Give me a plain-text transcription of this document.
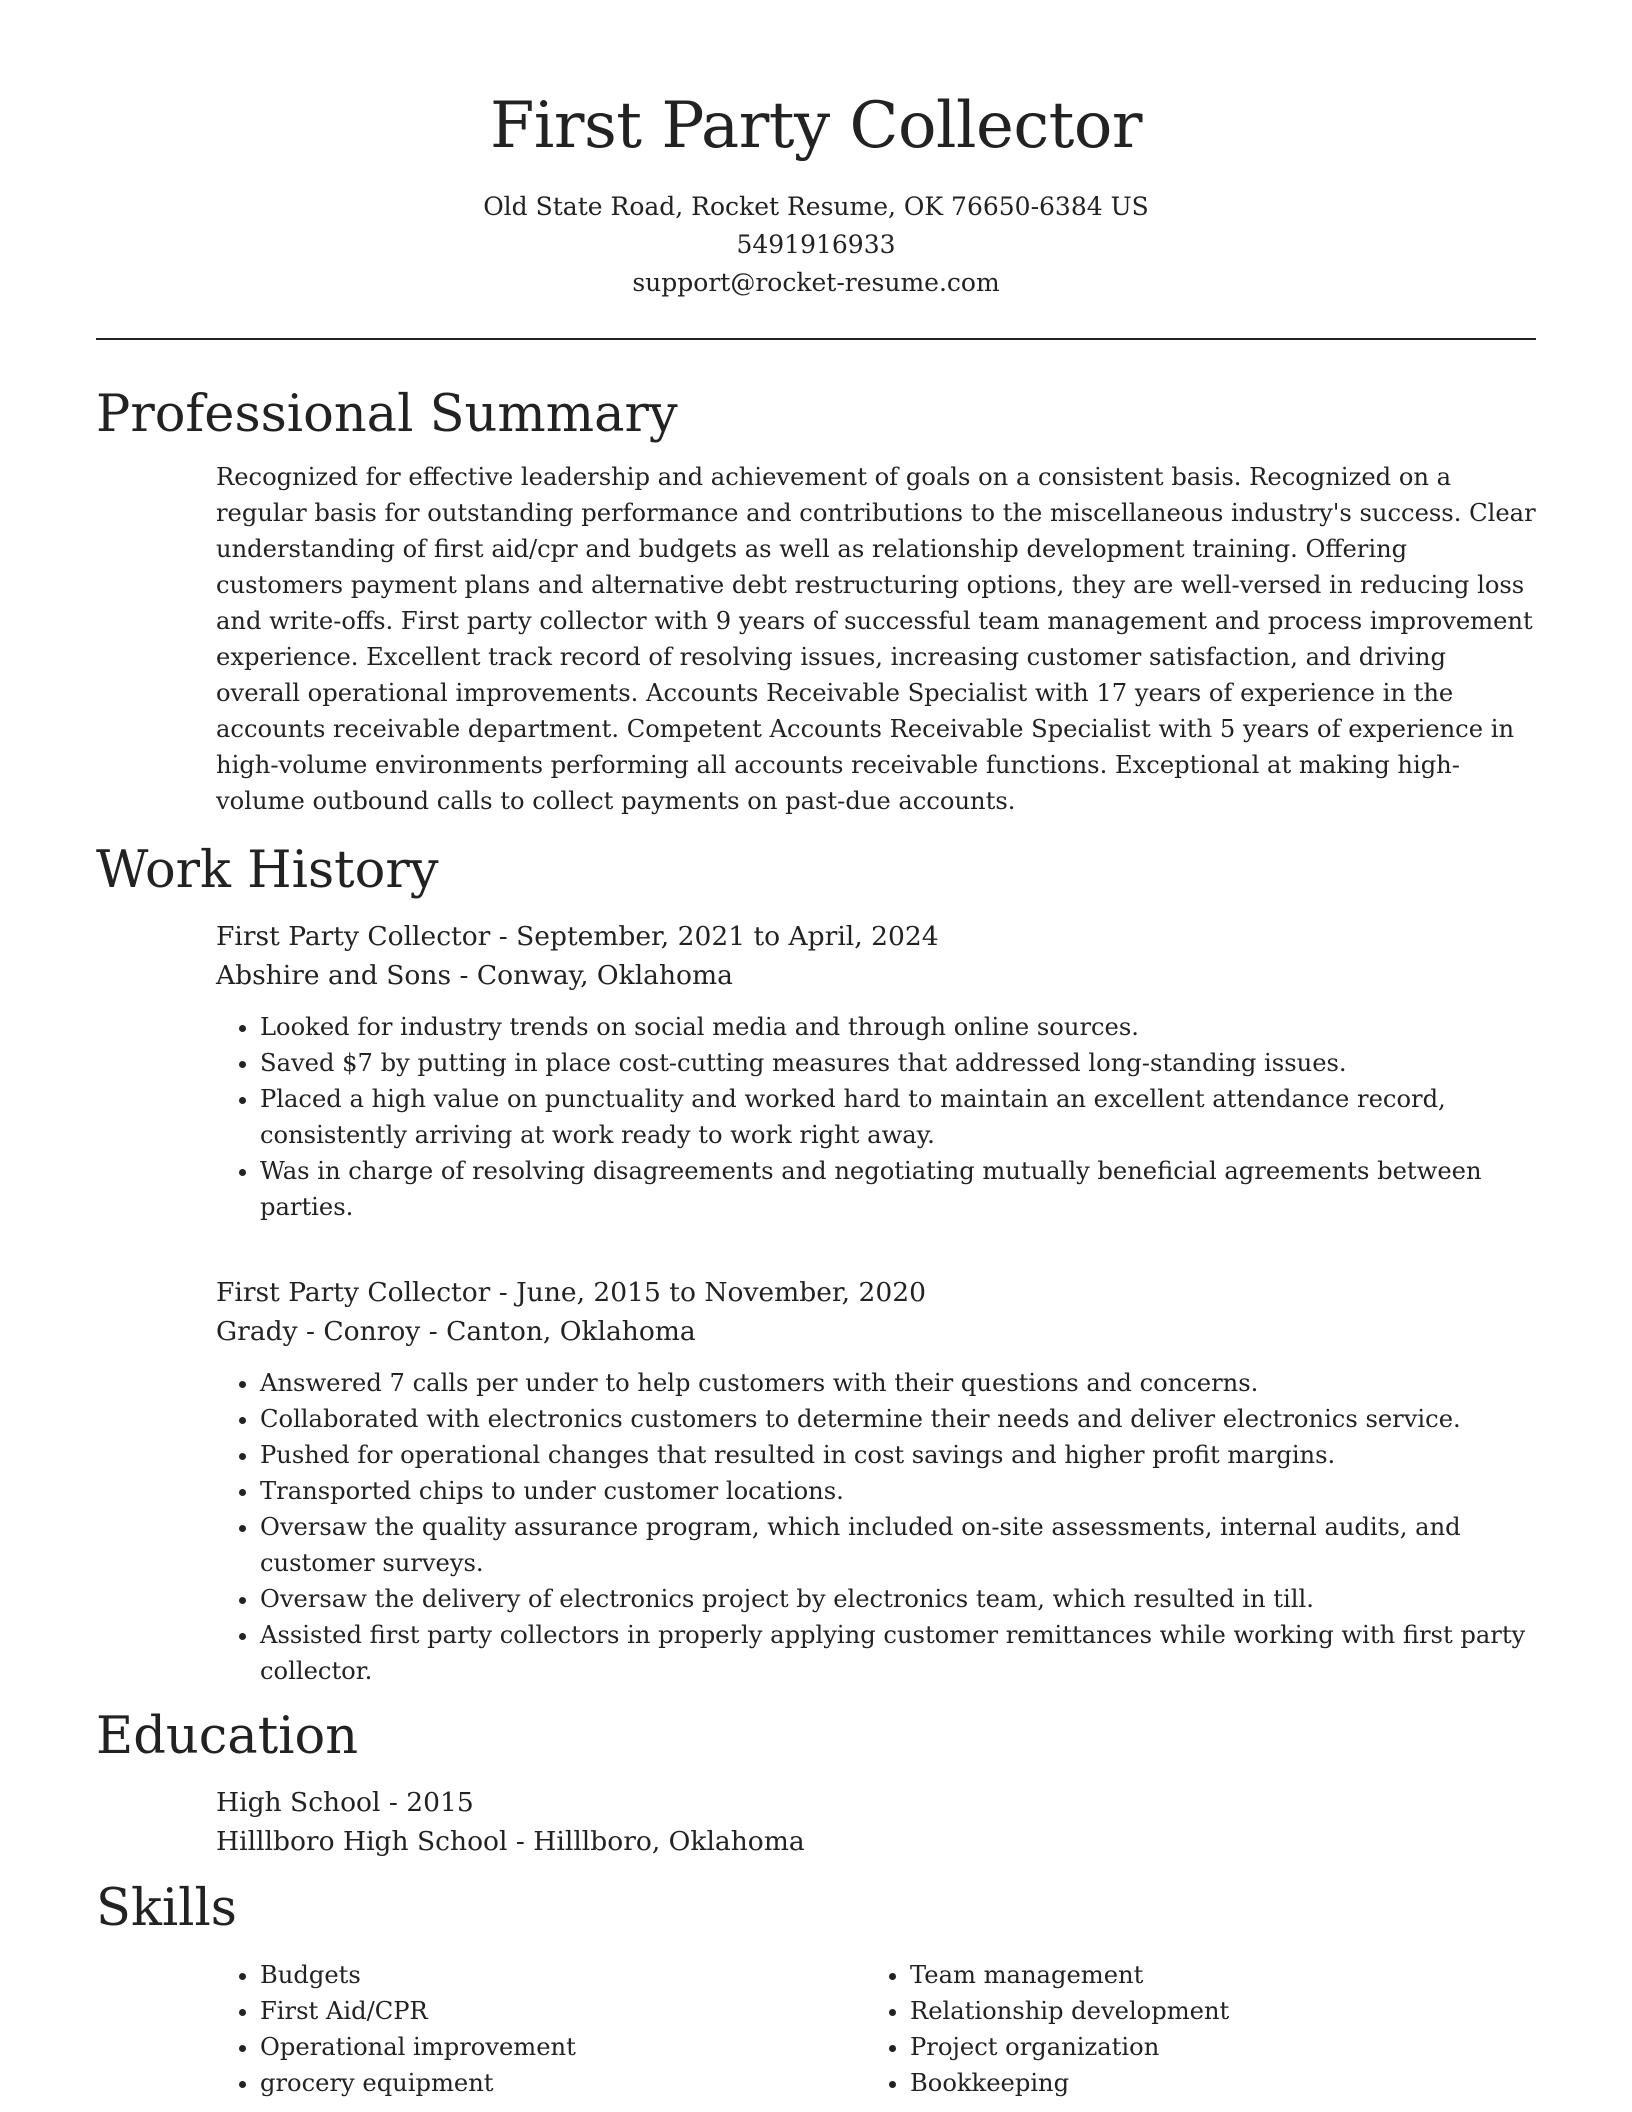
First Party Collector
Old State Road, Rocket Resume, OK 76650-6384 US
5491916933
support@rocket-resume.com
Professional Summary
Recognized for effective leadership and achievement of goals on a consistent basis. Recognized on a regular basis for outstanding performance and contributions to the miscellaneous industry's success. Clear understanding of first aid/cpr and budgets as well as relationship development training. Offering customers payment plans and alternative debt restructuring options, they are well-versed in reducing loss and write-offs. First party collector with 9 years of successful team management and process improvement experience. Excellent track record of resolving issues, increasing customer satisfaction, and driving overall operational improvements. Accounts Receivable Specialist with 17 years of experience in the accounts receivable department. Competent Accounts Receivable Specialist with 5 years of experience in high-volume environments performing all accounts receivable functions. Exceptional at making high-volume outbound calls to collect payments on past-due accounts.
Work History
First Party Collector - September, 2021 to April, 2024
Abshire and Sons - Conway, Oklahoma
• Looked for industry trends on social media and through online sources.
• Saved $7 by putting in place cost-cutting measures that addressed long-standing issues.
• Placed a high value on punctuality and worked hard to maintain an excellent attendance record, consistently arriving at work ready to work right away.
• Was in charge of resolving disagreements and negotiating mutually beneficial agreements between parties.
First Party Collector - June, 2015 to November, 2020
Grady - Conroy - Canton, Oklahoma
• Answered 7 calls per under to help customers with their questions and concerns.
• Collaborated with electronics customers to determine their needs and deliver electronics service.
• Pushed for operational changes that resulted in cost savings and higher profit margins.
• Transported chips to under customer locations.
• Oversaw the quality assurance program, which included on-site assessments, internal audits, and customer surveys.
• Oversaw the delivery of electronics project by electronics team, which resulted in till.
• Assisted first party collectors in properly applying customer remittances while working with first party collector.
Education
High School - 2015
Hilllboro High School - Hilllboro, Oklahoma
Skills
• Budgets
• First Aid/CPR
• Operational improvement
• grocery equipment
• Team management
• Relationship development
• Project organization
• Bookkeeping
